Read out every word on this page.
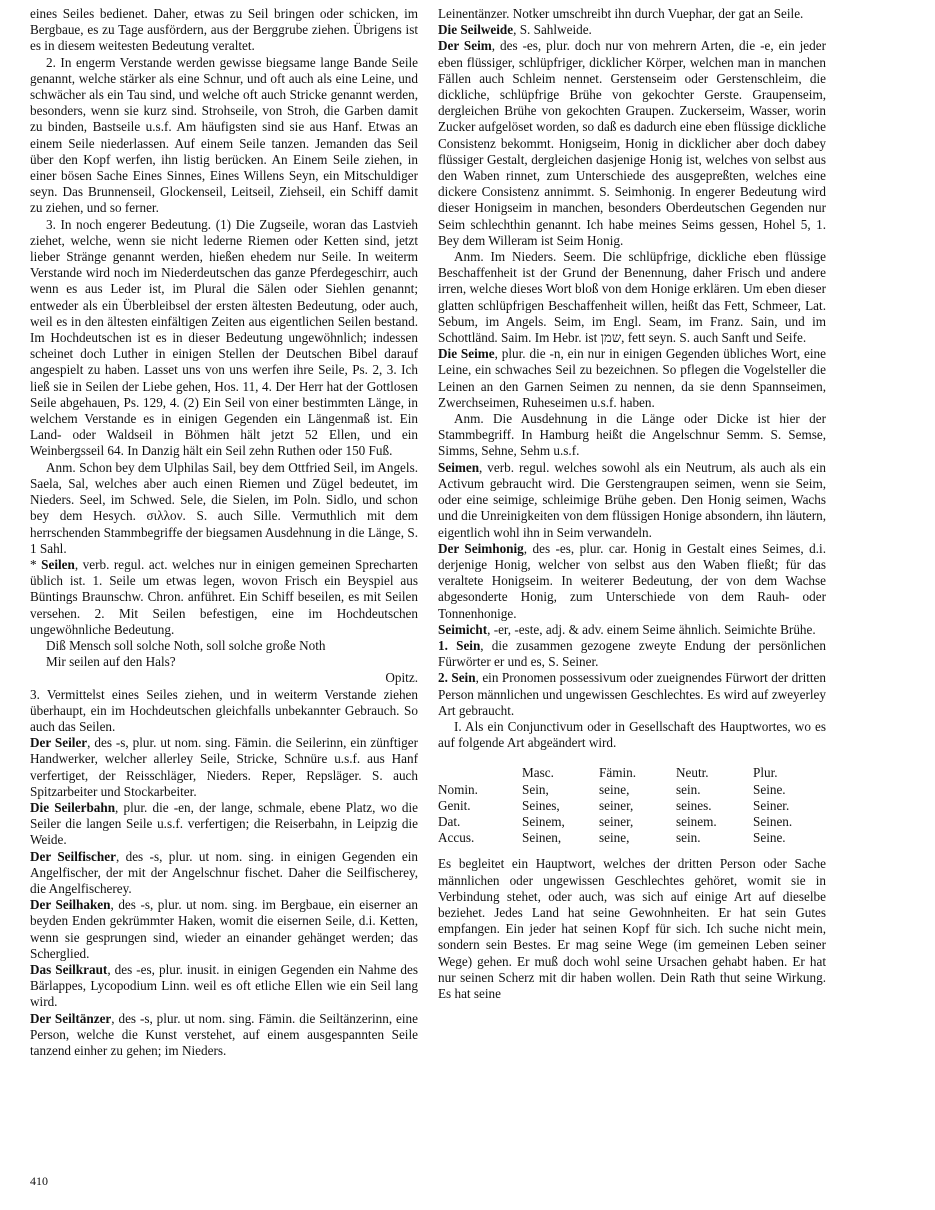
eines Seiles bedienet. Daher, etwas zu Seil bringen oder schicken, im Bergbaue, es zu Tage ausfördern, aus der Berggrube ziehen. Übrigens ist es in diesem weitesten Bedeutung veraltet.

2. In engerm Verstande werden gewisse biegsame lange Bande Seile genannt, welche stärker als eine Schnur, und oft auch als eine Leine, und schwächer als ein Tau sind, und welche oft auch Stricke genannt werden, besonders, wenn sie kurz sind. Strohseile, von Stroh, die Garben damit zu binden, Bastseile u.s.f. Am häufigsten sind sie aus Hanf. Etwas an einem Seile niederlassen. Auf einem Seile tanzen. Jemanden das Seil über den Kopf werfen, ihn listig berücken. An Einem Seile ziehen, in einer bösen Sache Eines Sinnes, Eines Willens Seyn, ein Mitschuldiger seyn. Das Brunnenseil, Glockenseil, Leitseil, Ziehseil, ein Schiff damit zu ziehen, und so ferner.

3. In noch engerer Bedeutung. (1) Die Zugseile, woran das Lastvieh ziehet, welche, wenn sie nicht lederne Riemen oder Ketten sind, jetzt lieber Stränge genannt werden, hießen ehedem nur Seile. In weiterm Verstande wird noch im Niederdeutschen das ganze Pferdegeschirr, auch wenn es aus Leder ist, im Plural die Sälen oder Siehlen genannt; entweder als ein Überbleibsel der ersten ältesten Bedeutung, oder auch, weil es in den ältesten einfältigen Zeiten aus eigentlichen Seilen bestand. Im Hochdeutschen ist es in dieser Bedeutung ungewöhnlich; indessen scheinet doch Luther in einigen Stellen der Deutschen Bibel darauf angespielt zu haben. Lasset uns von uns werfen ihre Seile, Ps. 2, 3. Ich ließ sie in Seilen der Liebe gehen, Hos. 11, 4. Der Herr hat der Gottlosen Seile abgehauen, Ps. 129, 4. (2) Ein Seil von einer bestimmten Länge, in welchem Verstande es in einigen Gegenden ein Längenmaß ist. Ein Land- oder Waldseil in Böhmen hält jetzt 52 Ellen, und ein Weinbergsseil 64. In Danzig hält ein Seil zehn Ruthen oder 150 Fuß.

Anm. Schon bey dem Ulphilas Sail, bey dem Ottfried Seil, im Angels. Saela, Sal, welches aber auch einen Riemen und Zügel bedeutet, im Nieders. Seel, im Schwed. Sele, die Sielen, im Poln. Sidlo, und schon bey dem Hesych. σιλλον. S. auch Sille. Vermuthlich mit dem herrschenden Stammbegriffe der biegsamen Ausdehnung in die Länge, S. 1 Sahl.

* Seilen, verb. regul. act. welches nur in einigen gemeinen Sprecharten üblich ist. 1. Seile um etwas legen, wovon Frisch ein Beyspiel aus Büntings Braunschw. Chron. anführet. Ein Schiff beseilen, es mit Seilen versehen. 2. Mit Seilen befestigen, eine im Hochdeutschen ungewöhnliche Bedeutung.

Diß Mensch soll solche Noth, soll solche große Noth

Mir seilen auf den Hals?

Opitz.

3. Vermittelst eines Seiles ziehen, und in weiterm Verstande ziehen überhaupt, ein im Hochdeutschen gleichfalls unbekannter Gebrauch. So auch das Seilen.

Der Seiler, des -s, plur. ut nom. sing. Fämin. die Seilerinn, ein zünftiger Handwerker, welcher allerley Seile, Stricke, Schnüre u.s.f. aus Hanf verfertiget, der Reisschläger, Nieders. Reper, Repsläger. S. auch Spitzarbeiter und Stockarbeiter.

Die Seilerbahn, plur. die -en, der lange, schmale, ebene Platz, wo die Seiler die langen Seile u.s.f. verfertigen; die Reiserbahn, in Leipzig die Weide.

Der Seilfischer, des -s, plur. ut nom. sing. in einigen Gegenden ein Angelfischer, der mit der Angelschnur fischet. Daher die Seilfischerey, die Angelfischerey.

Der Seilhaken, des -s, plur. ut nom. sing. im Bergbaue, ein eiserner an beyden Enden gekrümmter Haken, womit die eisernen Seile, d.i. Ketten, wenn sie gesprungen sind, wieder an einander gehänget werden; das Scherglied.

Das Seilkraut, des -es, plur. inusit. in einigen Gegenden ein Nahme des Bärlappes, Lycopodium Linn. weil es oft etliche Ellen wie ein Seil lang wird.

Der Seiltänzer, des -s, plur. ut nom. sing. Fämin. die Seiltänzerinn, eine Person, welche die Kunst verstehet, auf einem ausgespannten Seile tanzend einher zu gehen; im Nieders.

Leinentänzer. Notker umschreibt ihn durch Vuephar, der gat an Seile.

Die Seilweide, S. Sahlweide.

Der Seim, des -es, plur. doch nur von mehrern Arten, die -e, ein jeder eben flüssiger, schlüpfriger, dicklicher Körper, welchen man in manchen Fällen auch Schleim nennet. Gerstenseim oder Gerstenschleim, die dickliche, schlüpfrige Brühe von gekochter Gerste. Graupenseim, dergleichen Brühe von gekochten Graupen. Zuckerseim, Wasser, worin Zucker aufgelöset worden, so daß es dadurch eine eben flüssige dickliche Consistenz bekommt. Honigseim, Honig in dicklicher aber doch dabey flüssiger Gestalt, dergleichen dasjenige Honig ist, welches von selbst aus den Waben rinnet, zum Unterschiede des ausgepreßten, welches eine dickere Consistenz annimmt. S. Seimhonig. In engerer Bedeutung wird dieser Honigseim in manchen, besonders Oberdeutschen Gegenden nur Seim schlechthin genannt. Ich habe meines Seims gessen, Hohel 5, 1. Bey dem Willeram ist Seim Honig.

Anm. Im Nieders. Seem. Die schlüpfrige, dickliche eben flüssige Beschaffenheit ist der Grund der Benennung, daher Frisch und andere irren, welche dieses Wort bloß von dem Honige erklären. Um eben dieser glatten schlüpfrigen Beschaffenheit willen, heißt das Fett, Schmeer, Lat. Sebum, im Angels. Seim, im Engl. Seam, im Franz. Sain, und im Schottländ. Saim. Im Hebr. ist שמן, fett seyn. S. auch Sanft und Seife.

Die Seime, plur. die -n, ein nur in einigen Gegenden übliches Wort, eine Leine, ein schwaches Seil zu bezeichnen. So pflegen die Vogelsteller die Leinen an den Garnen Seimen zu nennen, da sie denn Spannseimen, Zwerchseimen, Ruheseimen u.s.f. haben.

Anm. Die Ausdehnung in die Länge oder Dicke ist hier der Stammbegriff. In Hamburg heißt die Angelschnur Semm. S. Semse, Simms, Sehne, Sehm u.s.f.

Seimen, verb. regul. welches sowohl als ein Neutrum, als auch als ein Activum gebraucht wird. Die Gerstengraupen seimen, wenn sie Seim, oder eine seimige, schleimige Brühe geben. Den Honig seimen, Wachs und die Unreinigkeiten von dem flüssigen Honige absondern, ihn läutern, eigentlich wohl ihn in Seim verwandeln.

Der Seimhonig, des -es, plur. car. Honig in Gestalt eines Seimes, d.i. derjenige Honig, welcher von selbst aus den Waben fließt; für das veraltete Honigseim. In weiterer Bedeutung, der von dem Wachse abgesonderte Honig, zum Unterschiede von dem Rauh- oder Tonnenhonige.

Seimicht, -er, -este, adj. & adv. einem Seime ähnlich. Seimichte Brühe.

1. Sein, die zusammen gezogene zweyte Endung der persönlichen Fürwörter er und es, S. Seiner.

2. Sein, ein Pronomen possessivum oder zueignendes Fürwort der dritten Person männlichen und ungewissen Geschlechtes. Es wird auf zweyerley Art gebraucht.

I. Als ein Conjunctivum oder in Gesellschaft des Hauptwortes, wo es auf folgende Art abgeändert wird.

	Masc.	Fämin.	Neutr.	Plur.
Nomin.	Sein,	seine,	sein.	Seine.
Genit.	Seines,	seiner,	seines.	Seiner.
Dat.	Seinem,	seiner,	seinem.	Seinen.
Accus.	Seinen,	seine,	sein.	Seine.

Es begleitet ein Hauptwort, welches der dritten Person oder Sache männlichen oder ungewissen Geschlechtes gehöret, womit sie in Verbindung stehet, oder auch, was sich auf einige Art auf dieselbe beziehet. Jedes Land hat seine Gewohnheiten. Er hat sein Gutes empfangen. Ein jeder hat seinen Kopf für sich. Ich suche nicht mein, sondern sein Bestes. Er mag seine Wege (im gemeinen Leben seiner Wege) gehen. Er muß doch wohl seine Ursachen gehabt haben. Er hat nur seinen Scherz mit dir haben wollen. Dein Rath thut seine Wirkung. Es hat seine

410
